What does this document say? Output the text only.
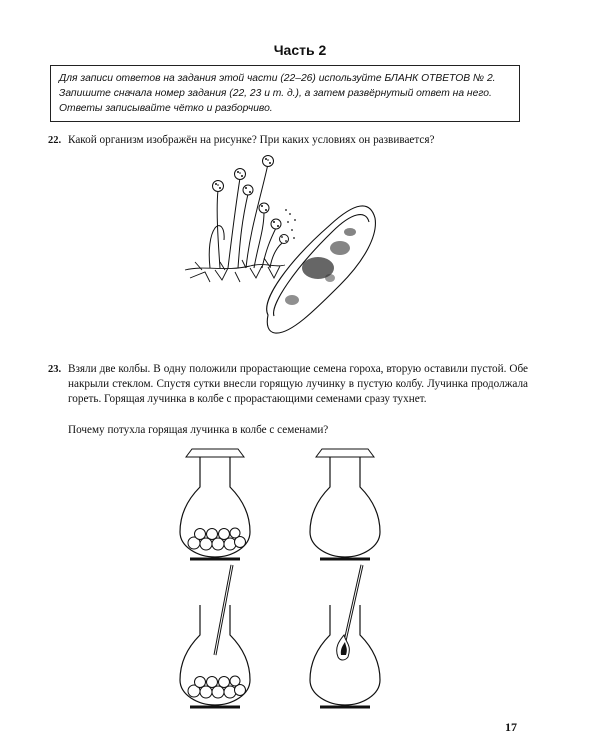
Часть 2
Для записи ответов на задания этой части (22–26) используйте БЛАНК ОТВЕТОВ № 2. Запишите сначала номер задания (22, 23 и т. д.), а затем развёрнутый ответ на него. Ответы записывайте чётко и разборчиво.
22. Какой организм изображён на рисунке? При каких условиях он развивается?
23. Взяли две колбы. В одну положили прорастающие семена гороха, вторую оставили пустой. Обе накрыли стеклом. Спустя сутки внесли горящую лучинку в пустую колбу. Лучинка продолжала гореть. Горящая лучинка в колбе с прорастающими семенами сразу тухнет.
Почему потухла горящая лучинка в колбе с семенами?
17
